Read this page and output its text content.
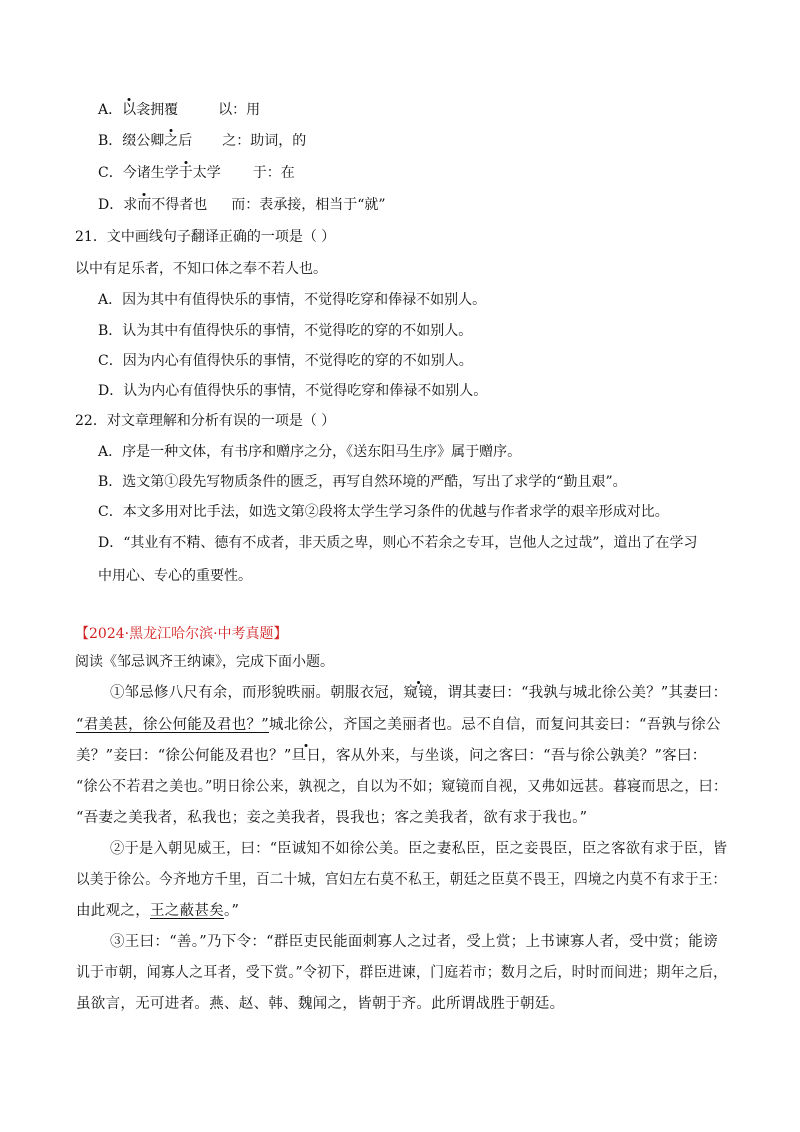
A．以衾拥覆	以：用
B．缀公卿之后 之：助词，的
C．今诸生学于太学 于：在
D．求而不得者也 而：表承接，相当于“就”
21．文中画线句子翻译正确的一项是（ ）
以中有足乐者，不知口体之奉不若人也。
A．因为其中有值得快乐的事情，不觉得吃穿和俸禄不如别人。
B．认为其中有值得快乐的事情，不觉得吃的穿的不如别人。
C．因为内心有值得快乐的事情，不觉得吃的穿的不如别人。
D．认为内心有值得快乐的事情，不觉得吃穿和俸禄不如别人。
22．对文章理解和分析有误的一项是（ ）
A．序是一种文体，有书序和赠序之分，《送东阳马生序》属于赠序。
B．选文第①段先写物质条件的匮乏，再写自然环境的严酷，写出了求学的“勤且艰”。
C．本文多用对比手法，如选文第②段将太学生学习条件的优越与作者求学的艰辛形成对比。
D．“其业有不精、德有不成者，非天质之卑，则心不若余之专耳，岂他人之过哉”，道出了在学习
中用心、专心的重要性。
【2024·黑龙江哈尔滨·中考真题】
阅读《邹忌讽齐王纳谏》，完成下面小题。
①邹忌修八尺有余，而形貌昳丽。朝服衣冠，窥镜，谓其妻曰：“我孰与城北徐公美？”其妻曰：
“君美甚，徐公何能及君也？”城北徐公，齐国之美丽者也。忌不自信，而复问其妾曰：“吾孰与徐公
美？”妾曰：“徐公何能及君也？”旦日，客从外来，与坐谈，问之客曰：“吾与徐公孰美？”客曰：
“徐公不若君之美也。”明日徐公来，孰视之，自以为不如；窥镜而自视，又弗如远甚。暮寝而思之，曰：
“吾妻之美我者，私我也；妾之美我者，畏我也；客之美我者，欲有求于我也。”
②于是入朝见威王，曰：“臣诚知不如徐公美。臣之妻私臣，臣之妾畏臣，臣之客欲有求于臣，皆
以美于徐公。今齐地方千里，百二十城，宫妇左右莫不私王，朝廷之臣莫不畏王，四境之内莫不有求于王：
由此观之，王之蔽甚矣。”
③王曰：“善。”乃下令：“群臣吏民能面刺寡人之过者，受上赏；上书谏寡人者，受中赏；能谤
讥于市朝，闻寡人之耳者，受下赏。”令初下，群臣进谏，门庭若市；数月之后，时时而间进；期年之后，
虽欲言，无可进者。燕、赵、韩、魏闻之，皆朝于齐。此所谓战胜于朝廷。
